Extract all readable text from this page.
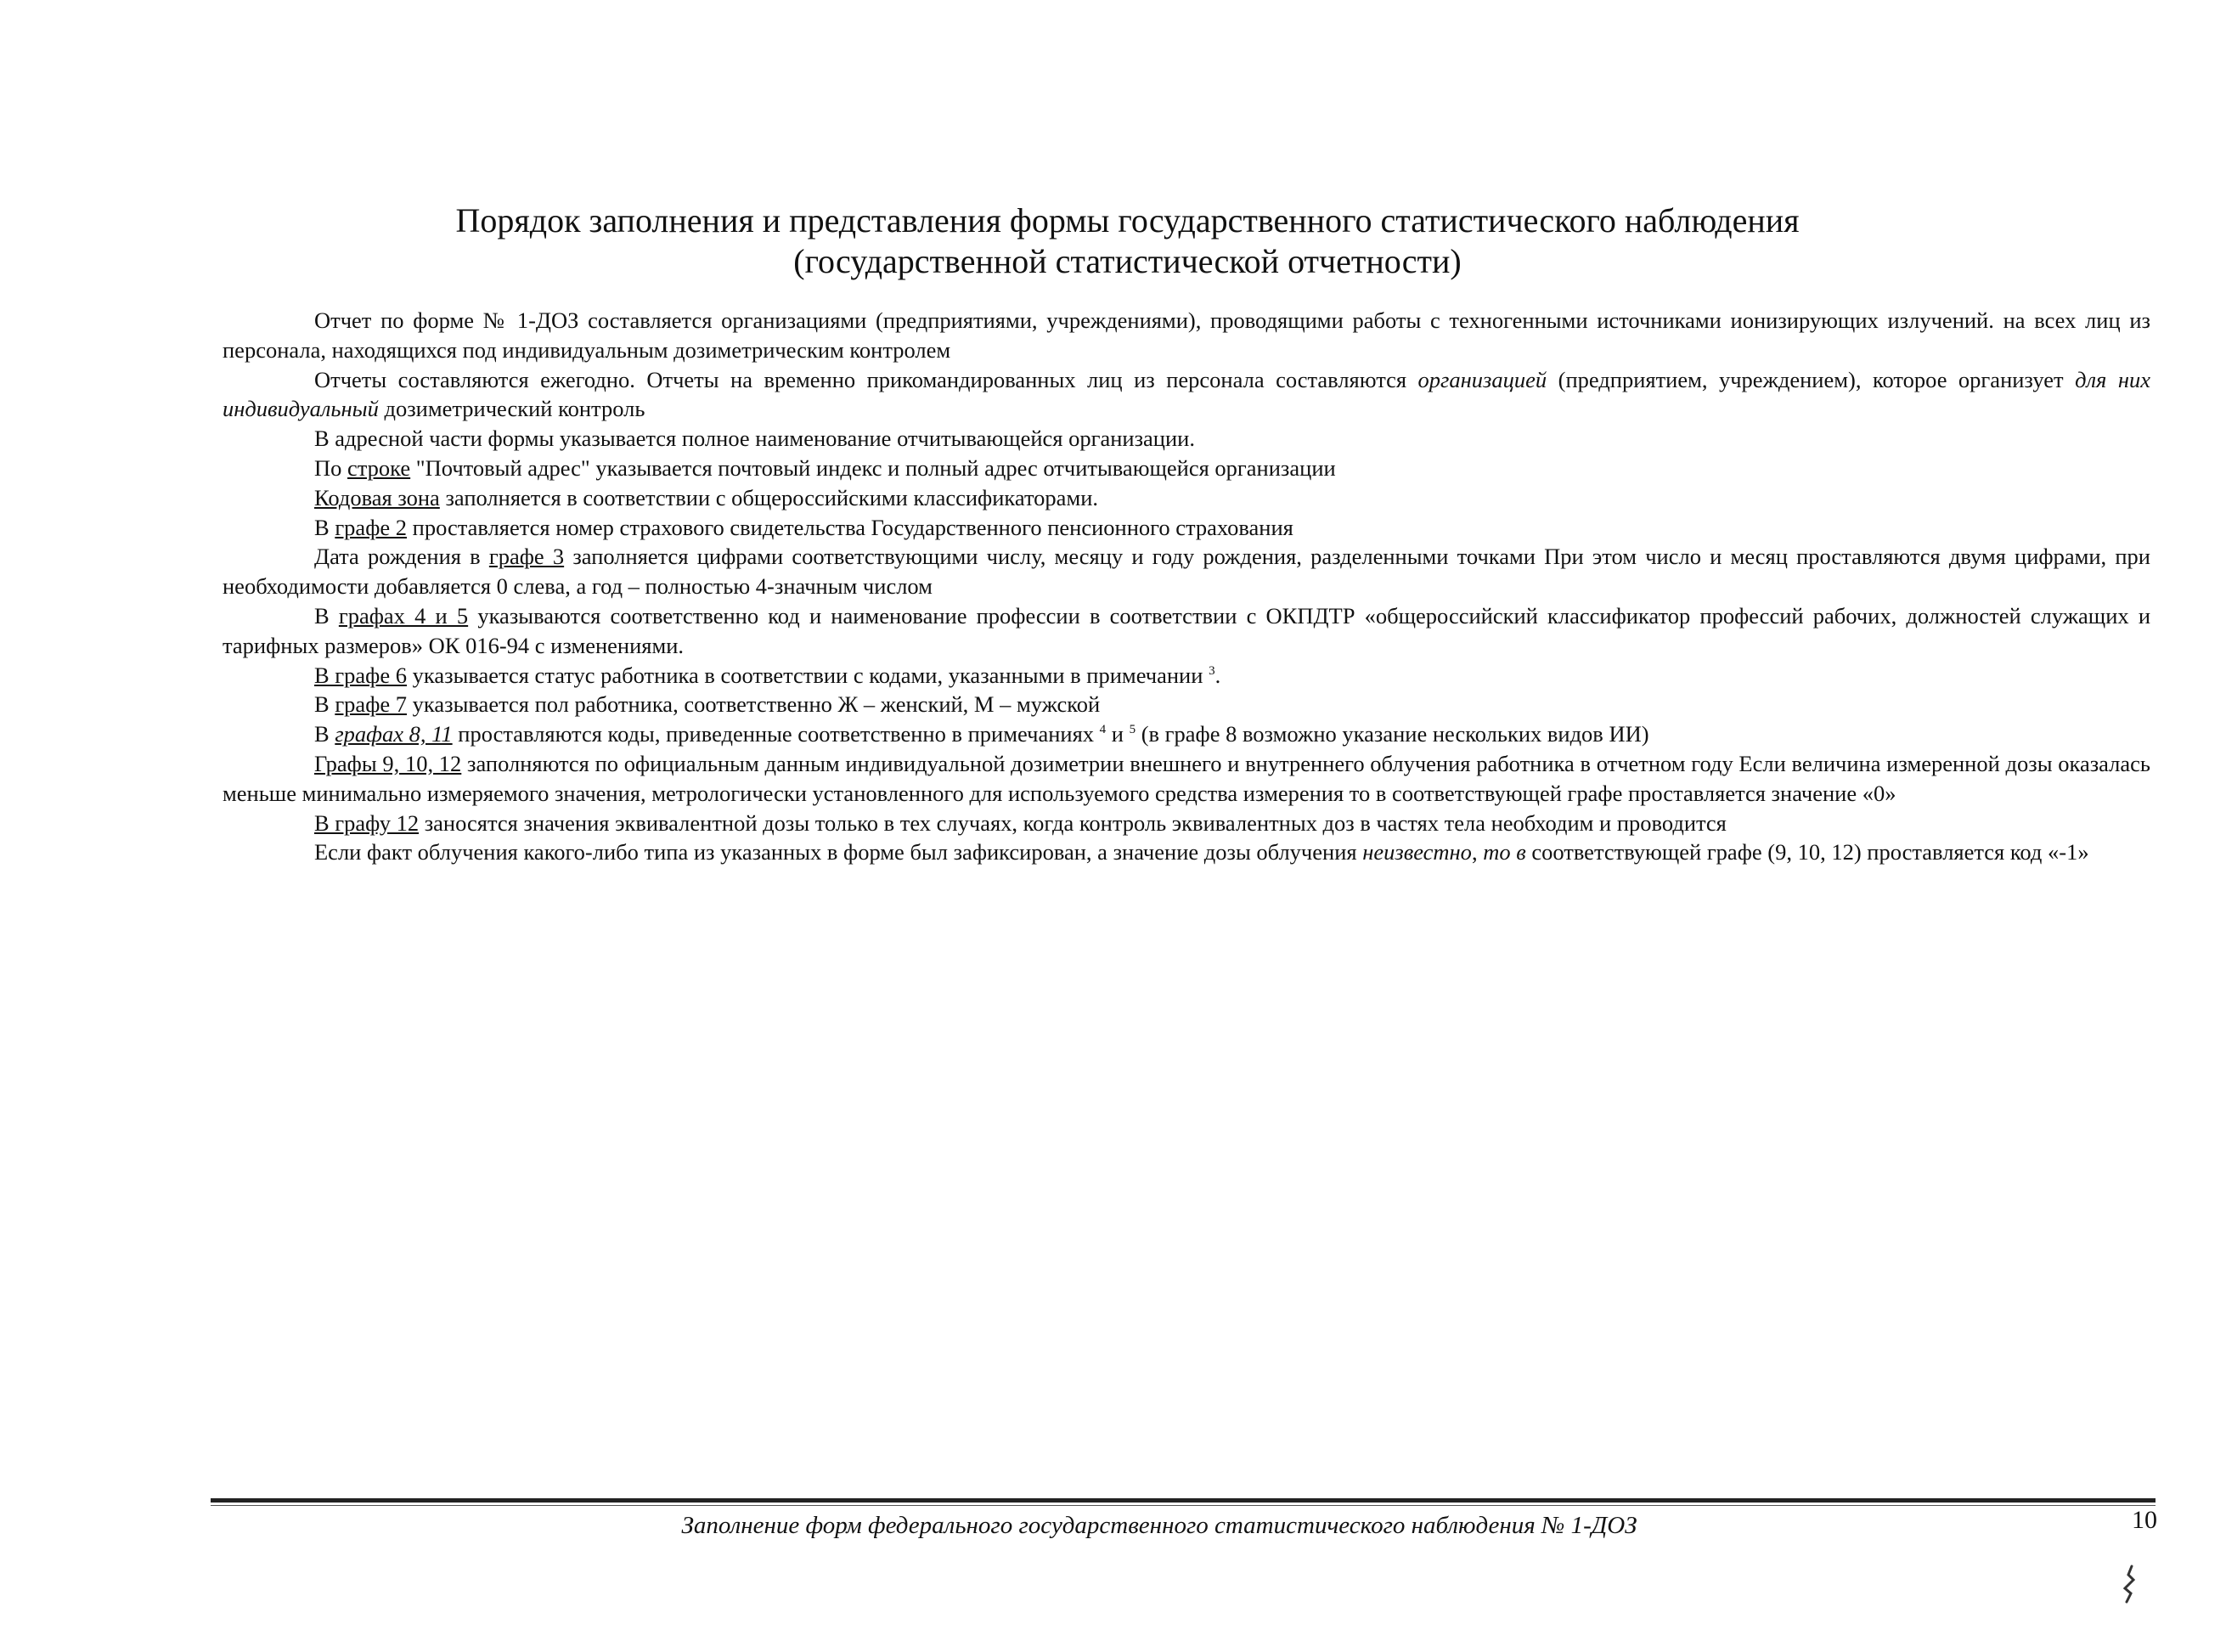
Порядок заполнения и представления формы государственного статистического наблюдения
(государственной статистической отчетности)

Отчет по форме № 1-ДОЗ составляется организациями (предприятиями, учреждениями), проводящими работы с техногенными источниками ионизирующих излучений. на всех лиц из персонала, находящихся под индивидуальным дозиметрическим контролем

Отчеты составляются ежегодно. Отчеты на временно прикомандированных лиц из персонала составляются организацией (предприятием, учреждением), которое организует для них индивидуальный дозиметрический контроль

В адресной части формы указывается полное наименование отчитывающейся организации.

По строке "Почтовый адрес" указывается почтовый индекс и полный адрес отчитывающейся организации

Кодовая зона заполняется в соответствии с общероссийскими классификаторами.

В графе 2 проставляется номер страхового свидетельства Государственного пенсионного страхования

Дата рождения в графе 3 заполняется цифрами соответствующими числу, месяцу и году рождения, разделенными точками При этом число и месяц проставляются двумя цифрами, при необходимости добавляется 0 слева, а год – полностью 4-значным числом

В графах 4 и 5 указываются соответственно код и наименование профессии в соответствии с ОКПДТР «общероссийский классификатор профессий рабочих, должностей служащих и тарифных размеров» ОК 016-94 с изменениями.

В графе 6 указывается статус работника в соответствии с кодами, указанными в примечании $^3$.

В графе 7 указывается пол работника, соответственно Ж – женский, М – мужской

В графах 8, 11 проставляются коды, приведенные соответственно в примечаниях $^4$ и $^5$ (в графе 8 возможно указание нескольких видов ИИ)

Графы 9, 10, 12 заполняются по официальным данным индивидуальной дозиметрии внешнего и внутреннего облучения работника в отчетном году Если величина измеренной дозы оказалась меньше минимально измеряемого значения, метрологически установленного для используемого средства измерения то в соответствующей графе проставляется значение «0»

В графу 12 заносятся значения эквивалентной дозы только в тех случаях, когда контроль эквивалентных доз в частях тела необходим и проводится

Если факт облучения какого-либо типа из указанных в форме был зафиксирован, а значение дозы облучения неизвестно, то в соответствующей графе (9, 10, 12) проставляется код «-1»

Заполнение форм федерального государственного статистического наблюдения № 1-ДОЗ	10
